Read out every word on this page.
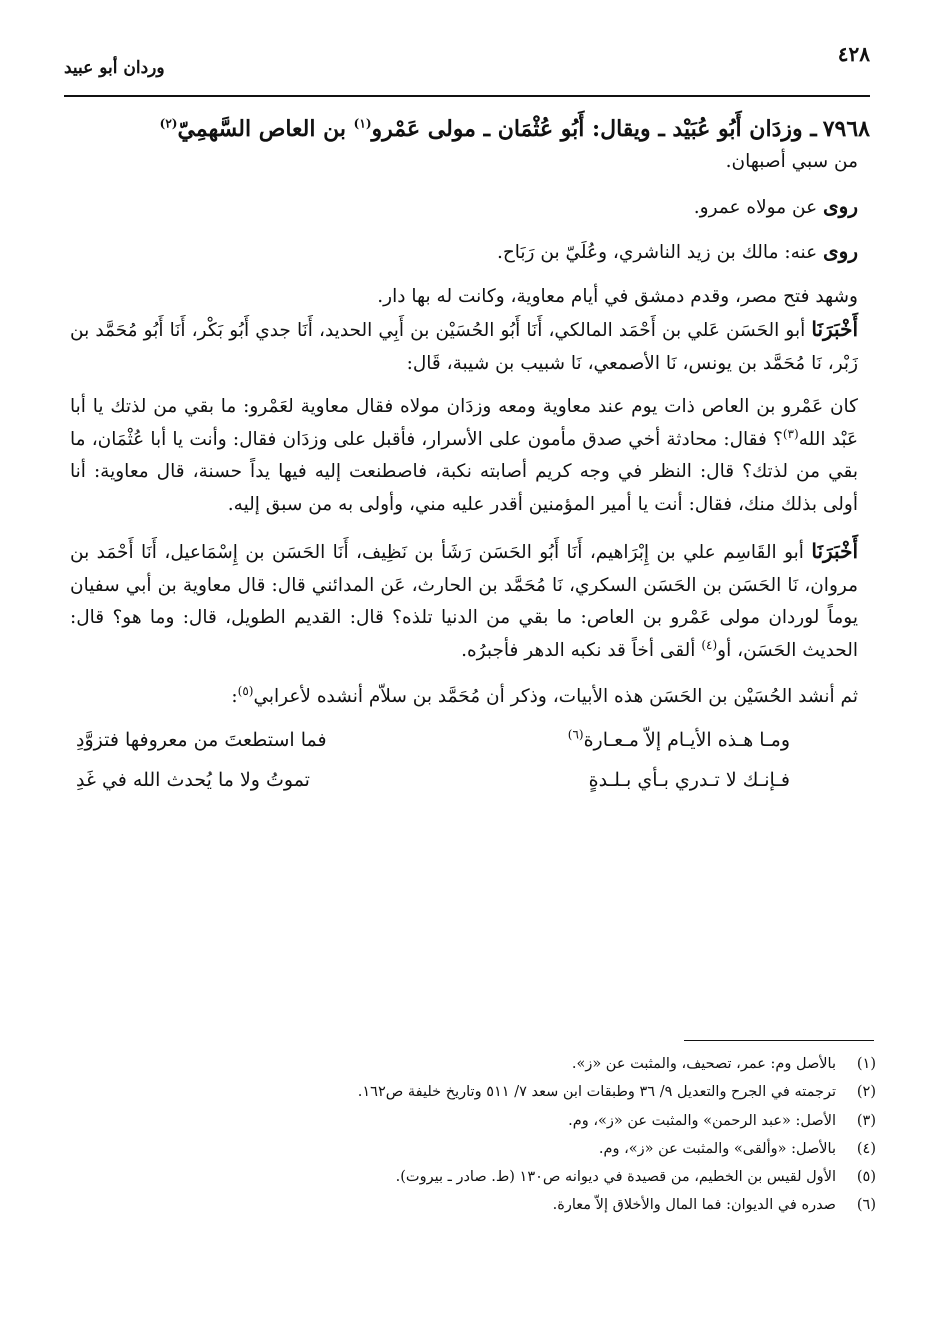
٤٢٨
وردان أبو عبيد
٧٩٦٨ـ وزدَان أَبُو عُبَيْد ـ ويقال: أَبُو عُثْمَان ـ مولى عَمْرو$^{(١)}$ بن العاص السَّهمِيّ$^{(٢)}$

من سبي أصبهان.

روى عن مولاه عمرو.

روى عنه: مالك بن زيد الناشري، وعُلَيّ بن رَبَاح.

وشهد فتح مصر، وقدم دمشق في أيام معاوية، وكانت له بها دار.

أَخْبَرَنَا أبو الحَسَن عَلي بن أَحْمَد المالكي، أَنَا أَبُو الحُسَيْن بن أَبِي الحديد، أَنَا جدي أَبُو بَكْر، أَنَا أَبُو مُحَمَّد بن زَبْر، نَا مُحَمَّد بن يونس، نَا الأصمعي، نَا شبيب بن شيبة، قَال:

كان عَمْرو بن العاص ذات يوم عند معاوية ومعه وزدَان مولاه فقال معاوية لعَمْرو: ما بقي من لذتك يا أبا عَبْد الله$^{(٣)}$؟ فقال: محادثة أخي صدق مأمون على الأسرار، فأقبل على وزدَان فقال: وأنت يا أبا عُثْمَان، ما بقي من لذتك؟ قال: النظر في وجه كريم أصابته نكبة، فاصطنعت إليه فيها يداً حسنة، قال معاوية: أنا أولى بذلك منك، فقال: أنت يا أمير المؤمنين أقدر عليه مني، وأولى به من سبق إليه.

أَخْبَرَنَا أبو القَاسِم علي بن إِبْرَاهيم، أَنَا أَبُو الحَسَن رَشَأ بن نَظِيف، أَنَا الحَسَن بن إِسْمَاعيل، أَنَا أَحْمَد بن مروان، نَا الحَسَن بن الحَسَن السكري، نَا مُحَمَّد بن الحارث، عَن المدائني قال: قال معاوية بن أبي سفيان يوماً لوردان مولى عَمْرو بن العاص: ما بقي من الدنيا تلذه؟ قال: القديم الطويل، قال: وما هو؟ قال: الحديث الحَسَن، أو$^{(٤)}$ ألقى أخاً قد نكبه الدهر فأجبرُه.

ثم أنشد الحُسَيْن بن الحَسَن هذه الأبيات، وذكر أن مُحَمَّد بن سلاّم أنشده لأعرابي$^{(٥)}$:

ومـا هـذه الأيـام إلاّ مـعـارة$^{(٦)}$
فما استطعتَ من معروفها فتزوَّدِ
فـإنـك لا تـدري بـأي بـلـدةٍ
تموتُ ولا ما يُحدث الله في غَدِ
(١)
بالأصل وم: عمر، تصحيف، والمثبت عن «ز».
(٢)
ترجمته في الجرح والتعديل ٩/ ٣٦ وطبقات ابن سعد ٧/ ٥١١ وتاريخ خليفة ص١٦٢.
(٣)
الأصل: «عبد الرحمن» والمثبت عن «ز»، وم.
(٤)
بالأصل: «وألقى» والمثبت عن «ز»، وم.
(٥)
الأول لقيس بن الخطيم، من قصيدة في ديوانه ص١٣٠ (ط. صادر ـ بيروت).
(٦)
صدره في الديوان: فما المال والأخلاق إلاّ معارة.
